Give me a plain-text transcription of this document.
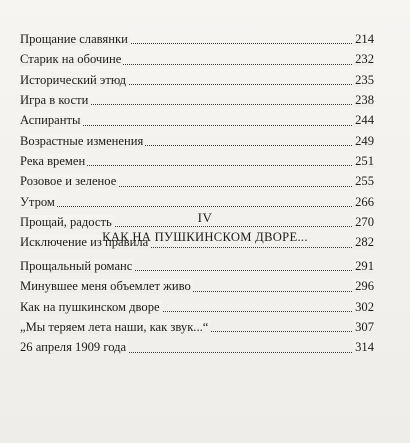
Прощание славянки	214
Старик на обочине	232
Исторический этюд	235
Игра в кости	238
Аспиранты	244
Возрастные изменения	249
Река времен	251
Розовое и зеленое	255
Утром	266
Прощай, радость	270
Исключение из правила	282
IV
КАК НА ПУШКИНСКОМ ДВОРЕ...
Прощальный романс	291
Минувшее меня объемлет живо	296
Как на пушкинском дворе	302
„Мы теряем лета наши, как звук...“	307
26 апреля 1909 года	314
